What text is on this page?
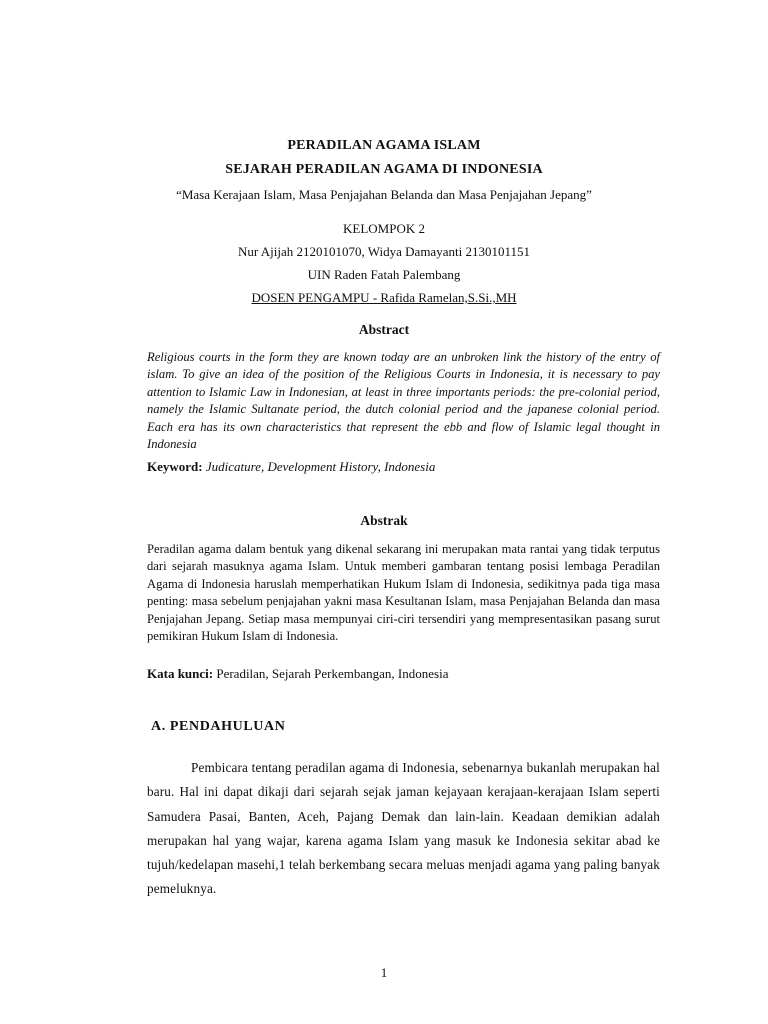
PERADILAN AGAMA ISLAM
SEJARAH PERADILAN AGAMA DI INDONESIA
“Masa Kerajaan Islam, Masa Penjajahan Belanda dan Masa Penjajahan Jepang”
KELOMPOK 2
Nur Ajijah 2120101070, Widya Damayanti 2130101151
UIN Raden Fatah Palembang
DOSEN PENGAMPU - Rafida Ramelan,S.Si.,MH
Abstract
Religious courts in the form they are known today are an unbroken link the history of the entry of islam. To give an idea of the position of the Religious Courts in Indonesia, it is necessary to pay attention to Islamic Law in Indonesian, at least in three importants periods: the pre-colonial period, namely the Islamic Sultanate period, the dutch colonial period and the japanese colonial period. Each era has its own characteristics that represent the ebb and flow of Islamic legal thought in Indonesia
Keyword: Judicature, Development History, Indonesia
Abstrak
Peradilan agama dalam bentuk yang dikenal sekarang ini merupakan mata rantai yang tidak terputus dari sejarah masuknya agama Islam. Untuk memberi gambaran tentang posisi lembaga Peradilan Agama di Indonesia haruslah memperhatikan Hukum Islam di Indonesia, sedikitnya pada tiga masa penting: masa sebelum penjajahan yakni masa Kesultanan Islam, masa Penjajahan Belanda dan masa Penjajahan Jepang. Setiap masa mempunyai ciri-ciri tersendiri yang mempresentasikan pasang surut pemikiran Hukum Islam di Indonesia.
Kata kunci: Peradilan, Sejarah Perkembangan, Indonesia
A. PENDAHULUAN
Pembicara tentang peradilan agama di Indonesia, sebenarnya bukanlah merupakan hal baru. Hal ini dapat dikaji dari sejarah sejak jaman kejayaan kerajaan-kerajaan Islam seperti Samudera Pasai, Banten, Aceh, Pajang Demak dan lain-lain. Keadaan demikian adalah merupakan hal yang wajar, karena agama Islam yang masuk ke Indonesia sekitar abad ke tujuh/kedelapan masehi,1 telah berkembang secara meluas menjadi agama yang paling banyak pemeluknya.
1
